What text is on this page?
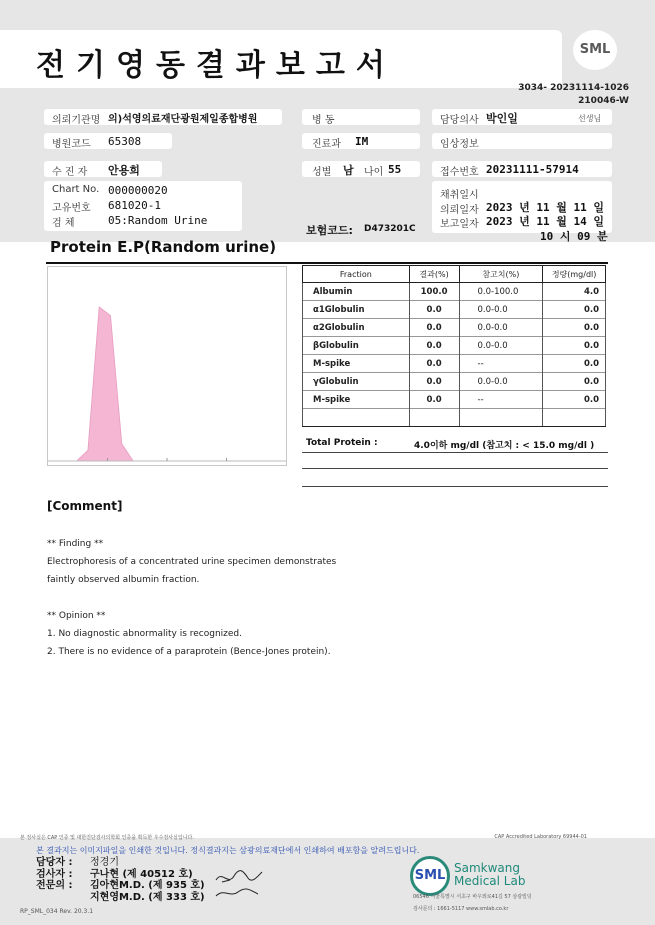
전기영동결과보고서	SML
3034- 20231114-1026
210046-W
의뢰기관명 의)석영의료재단광원제일종합병원	병 동	담당의사 박인일	선생님
병원코드 65308	진료과 IM	임상정보
수 진 자 안용희	성별 남 나이 55	접수번호 20231111-57914
Chart No. 000000020
고유번호 681020-1
검 체	05:Random Urine
채취일시
의뢰일자 2023 년 11 월 11 일
보고일자 2023 년 11 월 14 일
10 시 09 분
보험코드: D473201C
Protein E.P(Random urine)
Fraction	결과(%)	참고치(%)	정량(mg/dl)
Albumin	100.0	0.0-100.0	4.0
α1Globulin	0.0	0.0-0.0	0.0
α2Globulin	0.0	0.0-0.0	0.0
βGlobulin	0.0	0.0-0.0	0.0
M-spike	0.0	--	0.0
γGlobulin	0.0	0.0-0.0	0.0
M-spike	0.0	--	0.0

Total Protein :	4.0이하 mg/dl (참고치 : < 15.0 mg/dl )
[Comment]
** Finding **
Electrophoresis of a concentrated urine specimen demonstrates
faintly observed albumin fraction.
** Opinion **
1. No diagnostic abnormality is recognized.
2. There is no evidence of a paraprotein (Bence-Jones protein).
본 검사실은 CAP 인증 및 대한진단검사의학회 인증을 획득한 우수검사실입니다.	CAP Accredited Laboratory 69944-01
본 결과지는 이미지파일을 인쇄한 것입니다. 정식결과지는 삼광의료재단에서 인쇄하여 배포함을 알려드립니다.
담당자 : 정경기
검사자 : 구나현 (제 40512 호)
전문의 : 김아현M.D. (제 935 호)
지현영M.D. (제 333 호)
SML Samkwang
Medical Lab
06546 서울특별시 서초구 바우뫼로41길 57 삼광빌딩
검사문의 : 1661-5117 www.smlab.co.kr
RP_SML_034 Rev. 20.3.1
